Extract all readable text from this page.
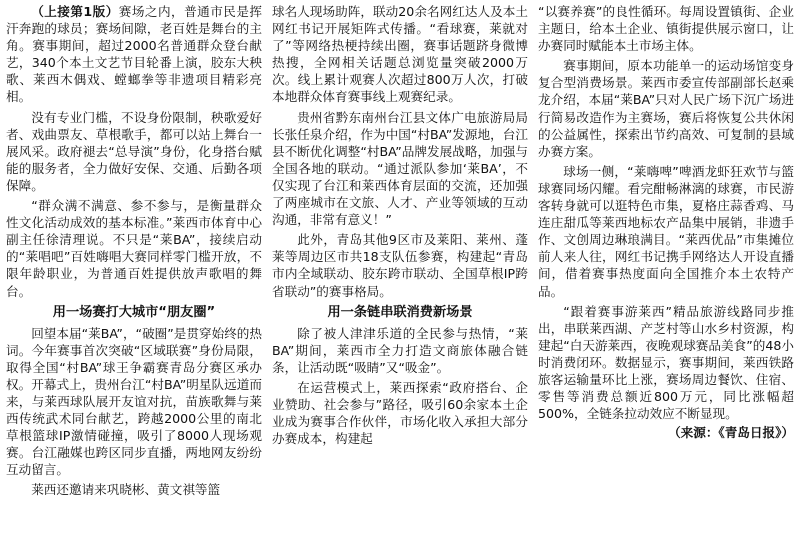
（上接第1版）赛场之内，普通市民是挥汗奔跑的球员；赛场间隙，老百姓是舞台的主角。赛事期间，超过2000名普通群众登台献艺，340个本土文艺节目轮番上演，胶东大秧歌、莱西木偶戏、螳螂拳等非遗项目精彩亮相。

没有专业门槛，不设身份限制，秧歌爱好者、戏曲票友、草根歌手，都可以站上舞台一展风采。政府褪去“总导演”身份，化身搭台赋能的服务者，全力做好安保、交通、后勤各项保障。

“群众满不满意、参不参与，是衡量群众性文化活动成效的基本标准。”莱西市体育中心副主任徐清理说。不只是“莱BA”，接续启动的“莱唱吧”百姓嗨唱大赛同样零门槛开放，不限年龄职业，为普通百姓提供放声歌唱的舞台。

用一场赛打大城市“朋友圈”

回望本届“莱BA”，“破圈”是贯穿始终的热词。今年赛事首次突破“区域联赛”身份局限，取得全国“村BA”球王争霸赛青岛分赛区承办权。开幕式上，贵州台江“村BA”明星队远道而来，与莱西球队展开友谊对抗，苗族歌舞与莱西传统武术同台献艺，跨越2000公里的南北草根篮球IP激情碰撞，吸引了8000人现场观赛。台江融媒也跨区同步直播，两地网友纷纷互动留言。

莱西还邀请来巩晓彬、黄文祺等篮

球名人现场助阵，联动20余名网红达人及本土网红书记开展矩阵式传播。“看球赛，莱就对了”等网络热梗持续出圈，赛事话题跻身微博热搜，全网相关话题总浏览量突破2000万次。线上累计观赛人次超过800万人次，打破本地群众体育赛事线上观赛纪录。

贵州省黔东南州台江县文体广电旅游局局长张任泉介绍，作为中国“村BA”发源地，台江县不断优化调整“村BA”品牌发展战略，加强与全国各地的联动。“通过派队参加‘莱BA’，不仅实现了台江和莱西体育层面的交流，还加强了两座城市在文旅、人才、产业等领域的互动沟通，非常有意义！”

此外，青岛其他9区市及莱阳、莱州、蓬莱等周边区市共18支队伍参赛，构建起“青岛市内全域联动、胶东跨市联动、全国草根IP跨省联动”的赛事格局。

用一条链串联消费新场景

除了被人津津乐道的全民参与热情，“莱BA”期间，莱西市全力打造文商旅体融合链条，让活动既“吸睛”又“吸金”。

在运营模式上，莱西探索“政府搭台、企业赞助、社会参与”路径，吸引60余家本土企业成为赛事合作伙伴，市场化收入承担大部分办赛成本，构建起

“以赛养赛”的良性循环。每周设置镇街、企业主题日，给本土企业、镇街提供展示窗口，让办赛同时赋能本土市场主体。

赛事期间，原本功能单一的运动场馆变身复合型消费场景。莱西市委宣传部副部长赵乘龙介绍，本届“莱BA”只对人民广场下沉广场进行简易改造作为主赛场，赛后将恢复公共休闲的公益属性，探索出节约高效、可复制的县域办赛方案。

球场一侧，“莱嗨啤”啤酒龙虾狂欢节与篮球赛同场闪耀。看完酣畅淋漓的球赛，市民游客转身就可以逛特色市集，夏格庄蒜香鸡、马连庄甜瓜等莱西地标农产品集中展销，非遗手作、文创周边琳琅满目。“莱西优品”市集摊位前人来人往，网红书记携手网络达人开设直播间，借着赛事热度面向全国推介本土农特产品。

“跟着赛事游莱西”精品旅游线路同步推出，串联莱西湖、产芝村等山水乡村资源，构建起“白天游莱西，夜晚观球赛品美食”的48小时消费闭环。数据显示，赛事期间，莱西铁路旅客运输量环比上涨，赛场周边餐饮、住宿、零售等消费总额近800万元，同比涨幅超500%，全链条拉动效应不断显现。

（来源：《青岛日报》）
